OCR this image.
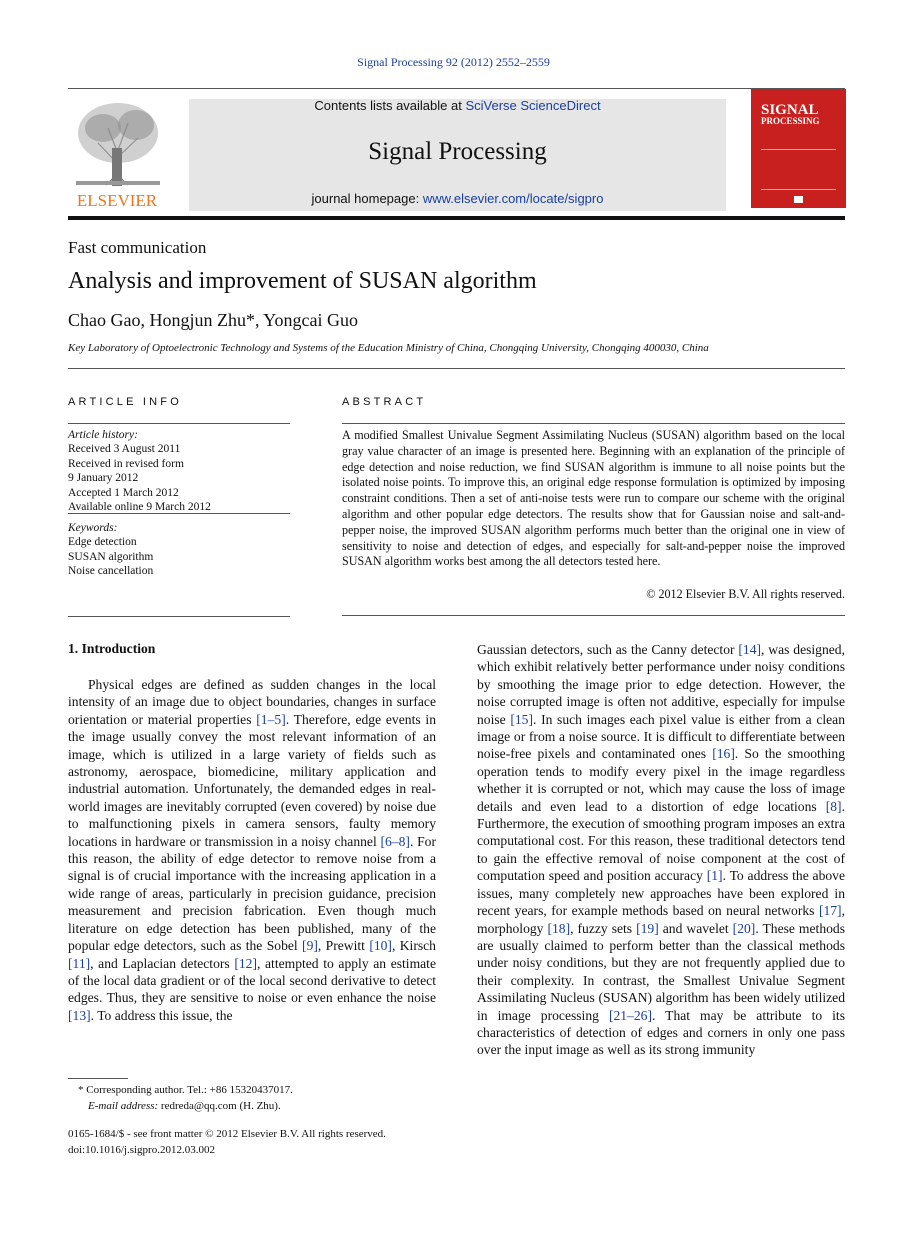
Signal Processing 92 (2012) 2552–2559
ELSEVIER
Contents lists available at SciVerse ScienceDirect
Signal Processing
journal homepage: www.elsevier.com/locate/sigpro
SIGNAL
PROCESSING
Fast communication
Analysis and improvement of SUSAN algorithm
Chao Gao, Hongjun Zhu*, Yongcai Guo
Key Laboratory of Optoelectronic Technology and Systems of the Education Ministry of China, Chongqing University, Chongqing 400030, China
ARTICLE INFO	ABSTRACT
Article history:
Received 3 August 2011
Received in revised form
9 January 2012
Accepted 1 March 2012
Available online 9 March 2012
Keywords:
Edge detection
SUSAN algorithm
Noise cancellation
A modified Smallest Univalue Segment Assimilating Nucleus (SUSAN) algorithm based on the local gray value character of an image is presented here. Beginning with an explanation of the principle of edge detection and noise reduction, we find SUSAN algorithm is immune to all noise points but the isolated noise points. To improve this, an original edge response formulation is optimized by imposing constraint conditions. Then a set of anti-noise tests were run to compare our scheme with the original algorithm and other popular edge detectors. The results show that for Gaussian noise and salt-and-pepper noise, the improved SUSAN algorithm performs much better than the original one in view of sensitivity to noise and detection of edges, and especially for salt-and-pepper noise the improved SUSAN algorithm works best among the all detectors tested here.
© 2012 Elsevier B.V. All rights reserved.
1. Introduction
Physical edges are defined as sudden changes in the local intensity of an image due to object boundaries, changes in surface orientation or material properties [1–5]. Therefore, edge events in the image usually convey the most relevant information of an image, which is utilized in a large variety of fields such as astronomy, aerospace, biomedicine, military application and industrial automation. Unfortunately, the demanded edges in real-world images are inevitably corrupted (even covered) by noise due to malfunctioning pixels in camera sensors, faulty memory locations in hardware or transmission in a noisy channel [6–8]. For this reason, the ability of edge detector to remove noise from a signal is of crucial importance with the increasing application in a wide range of areas, particularly in precision guidance, precision measurement and precision fabrication. Even though much literature on edge detection has been published, many of the popular edge detectors, such as the Sobel [9], Prewitt [10], Kirsch [11], and Laplacian detectors [12], attempted to apply an estimate of the local data gradient or of the local second derivative to detect edges. Thus, they are sensitive to noise or even enhance the noise [13]. To address this issue, the
Gaussian detectors, such as the Canny detector [14], was designed, which exhibit relatively better performance under noisy conditions by smoothing the image prior to edge detection. However, the noise corrupted image is often not additive, especially for impulse noise [15]. In such images each pixel value is either from a clean image or from a noise source. It is difficult to differentiate between noise-free pixels and contaminated ones [16]. So the smoothing operation tends to modify every pixel in the image regardless whether it is corrupted or not, which may cause the loss of image details and even lead to a distortion of edge locations [8]. Furthermore, the execution of smoothing program imposes an extra computational cost. For this reason, these traditional detectors tend to gain the effective removal of noise component at the cost of computation speed and position accuracy [1]. To address the above issues, many completely new approaches have been explored in recent years, for example methods based on neural networks [17], morphology [18], fuzzy sets [19] and wavelet [20]. These methods are usually claimed to perform better than the classical methods under noisy conditions, but they are not frequently applied due to their complexity. In contrast, the Smallest Univalue Segment Assimilating Nucleus (SUSAN) algorithm has been widely utilized in image processing [21–26]. That may be attribute to its characteristics of detection of edges and corners in only one pass over the input image as well as its strong immunity
* Corresponding author. Tel.: +86 15320437017.
E-mail address: redreda@qq.com (H. Zhu).
0165-1684/$ - see front matter © 2012 Elsevier B.V. All rights reserved.
doi:10.1016/j.sigpro.2012.03.002
